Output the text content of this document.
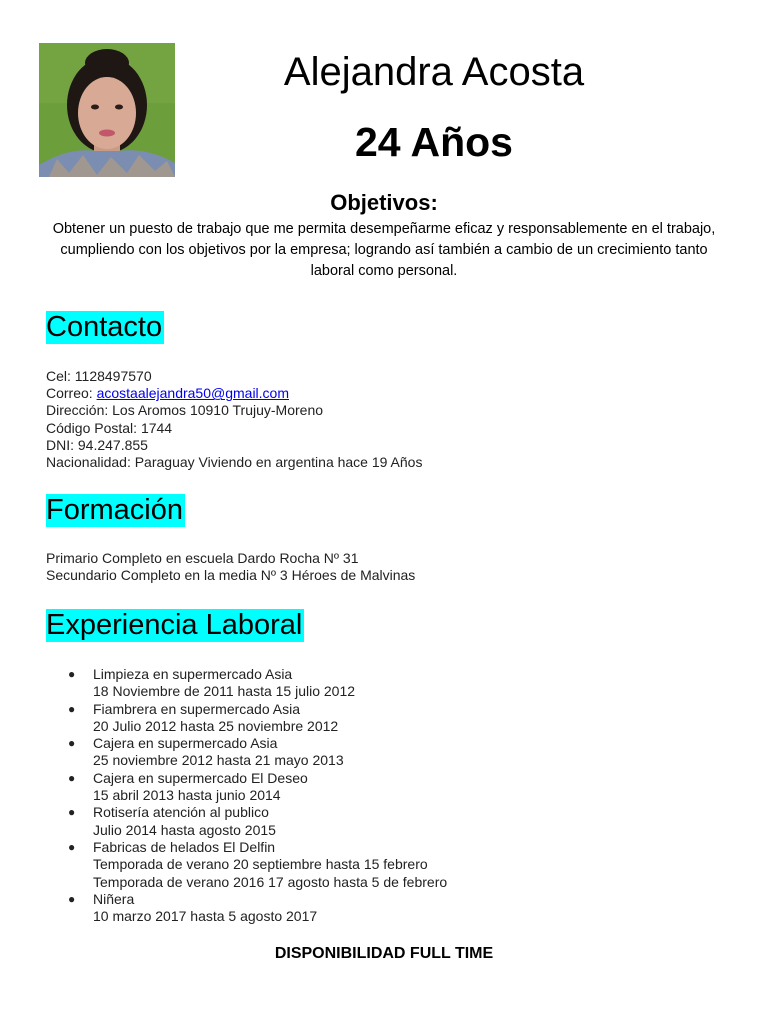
Alejandra Acosta
24 Años
Objetivos:
Obtener un puesto de trabajo que me permita desempeñarme eficaz y responsablemente en el trabajo, cumpliendo con los objetivos por la empresa; logrando así también a cambio de un crecimiento tanto laboral como personal.
Contacto
Cel: 1128497570
Correo: acostaalejandra50@gmail.com
Dirección: Los Aromos 10910 Trujuy-Moreno
Código Postal: 1744
DNI: 94.247.855
Nacionalidad: Paraguay Viviendo en argentina hace 19 Años
Formación
Primario Completo en escuela Dardo Rocha Nº 31
Secundario Completo en la media Nº 3 Héroes de Malvinas
Experiencia Laboral
● Limpieza en supermercado Asia
18 Noviembre de 2011 hasta 15 julio 2012
● Fiambrera en supermercado Asia
20 Julio 2012 hasta 25 noviembre 2012
● Cajera en supermercado Asia
25 noviembre 2012 hasta 21 mayo 2013
● Cajera en supermercado El Deseo
15 abril 2013 hasta junio 2014
● Rotisería atención al publico
Julio 2014 hasta agosto 2015
● Fabricas de helados El Delfin
Temporada de verano 20 septiembre hasta 15 febrero
Temporada de verano 2016 17 agosto hasta 5 de febrero
● Niñera
10 marzo 2017 hasta 5 agosto 2017
DISPONIBILIDAD FULL TIME
